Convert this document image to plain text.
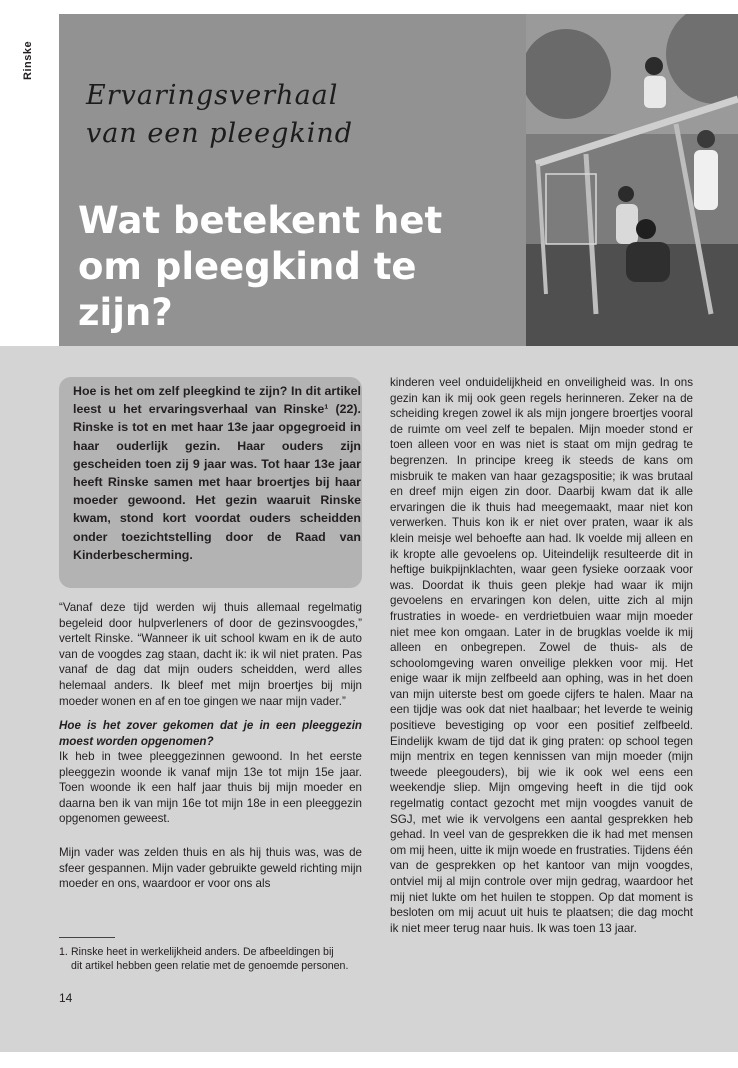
Rinske
Ervaringsverhaal
van een pleegkind
Wat betekent het
om pleegkind te zijn?

Hoe is het om zelf pleegkind te zijn? In dit artikel leest u het ervaringsverhaal van Rinske¹ (22). Rinske is tot en met haar 13e jaar opgegroeid in haar ouderlijk gezin. Haar ouders zijn gescheiden toen zij 9 jaar was. Tot haar 13e jaar heeft Rinske samen met haar broertjes bij haar moeder gewoond. Het gezin waaruit Rinske kwam, stond kort voordat ouders scheidden onder toezichtstelling door de Raad van Kinderbescherming.

“Vanaf deze tijd werden wij thuis allemaal regelmatig begeleid door hulpverleners of door de gezinsvoogdes,” vertelt Rinske. “Wanneer ik uit school kwam en ik de auto van de voogdes zag staan, dacht ik: ik wil niet praten. Pas vanaf de dag dat mijn ouders scheidden, werd alles helemaal anders. Ik bleef met mijn broertjes bij mijn moeder wonen en af en toe gingen we naar mijn vader.”

Hoe is het zover gekomen dat je in een pleeggezin moest worden opgenomen?

Ik heb in twee pleeggezinnen gewoond. In het eerste pleeggezin woonde ik vanaf mijn 13e tot mijn 15e jaar. Toen woonde ik een half jaar thuis bij mijn moeder en daarna ben ik van mijn 16e tot mijn 18e in een pleeggezin opgenomen geweest.

Mijn vader was zelden thuis en als hij thuis was, was de sfeer gespannen. Mijn vader gebruikte geweld richting mijn moeder en ons, waardoor er voor ons als

1. Rinske heet in werkelijkheid anders. De afbeeldingen bij
dit artikel hebben geen relatie met de genoemde personen.

14

kinderen veel onduidelijkheid en onveiligheid was. In ons gezin kan ik mij ook geen regels herinneren. Zeker na de scheiding kregen zowel ik als mijn jongere broertjes vooral de ruimte om veel zelf te bepalen. Mijn moeder stond er toen alleen voor en was niet is staat om mijn gedrag te begrenzen. In principe kreeg ik steeds de kans om misbruik te maken van haar gezagspositie; ik was brutaal en dreef mijn eigen zin door. Daarbij kwam dat ik alle ervaringen die ik thuis had meegemaakt, maar niet kon verwerken. Thuis kon ik er niet over praten, waar ik als klein meisje wel behoefte aan had. Ik voelde mij alleen en ik kropte alle gevoelens op. Uiteindelijk resulteerde dit in heftige buikpijnklachten, waar geen fysieke oorzaak voor was. Doordat ik thuis geen plekje had waar ik mijn gevoelens en ervaringen kon delen, uitte zich al mijn frustraties in woede- en verdrietbuien waar mijn moeder niet mee kon omgaan. Later in de brugklas voelde ik mij alleen en onbegrepen. Zowel de thuis- als de schoolomgeving waren onveilige plekken voor mij. Het enige waar ik mijn zelfbeeld aan ophing, was in het doen van mijn uiterste best om goede cijfers te halen. Maar na een tijdje was ook dat niet haalbaar; het leverde te weinig positieve bevestiging op voor een positief zelfbeeld. Eindelijk kwam de tijd dat ik ging praten: op school tegen mijn mentrix en tegen kennissen van mijn moeder (mijn tweede pleegouders), bij wie ik ook wel eens een weekendje sliep. Mijn omgeving heeft in die tijd ook regelmatig contact gezocht met mijn voogdes vanuit de SGJ, met wie ik vervolgens een aantal gesprekken heb gehad. In veel van de gesprekken die ik had met mensen om mij heen, uitte ik mijn woede en frustraties. Tijdens één van de gesprekken op het kantoor van mijn voogdes, ontviel mij al mijn controle over mijn gedrag, waardoor het mij niet lukte om het huilen te stoppen. Op dat moment is besloten om mij acuut uit huis te plaatsen; die dag mocht ik niet meer terug naar huis. Ik was toen 13 jaar.
